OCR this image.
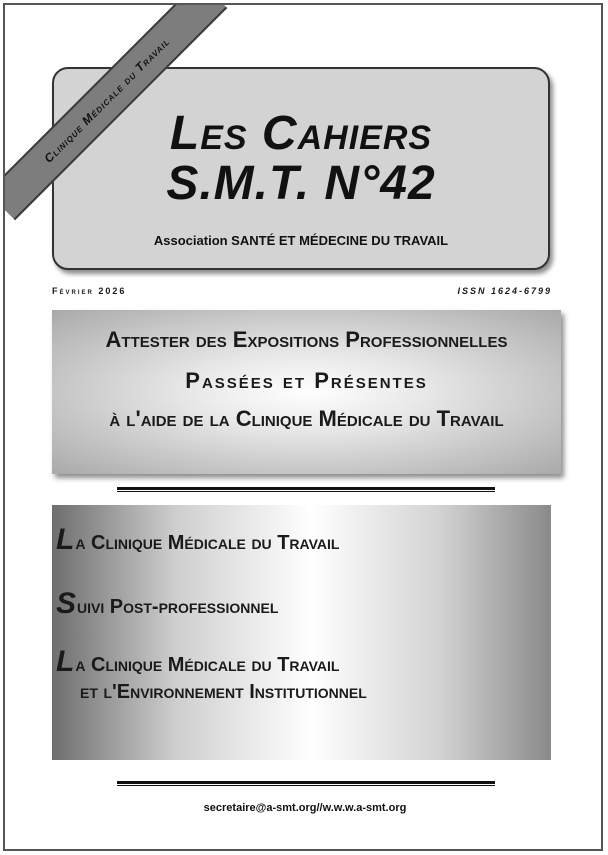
Clinique Médicale du Travail
Les Cahiers
S.M.T. N°42
Association SANTÉ ET MÉDECINE DU TRAVAIL
Février 2026	ISSN 1624-6799
Attester des Expositions Professionnelles
Passées et Présentes
à l'aide de la Clinique Médicale du Travail
La Clinique Médicale du Travail
Suivi Post-professionnel
La Clinique Médicale du Travail
et l'Environnement Institutionnel
secretaire@a-smt.org//w.w.w.a-smt.org
